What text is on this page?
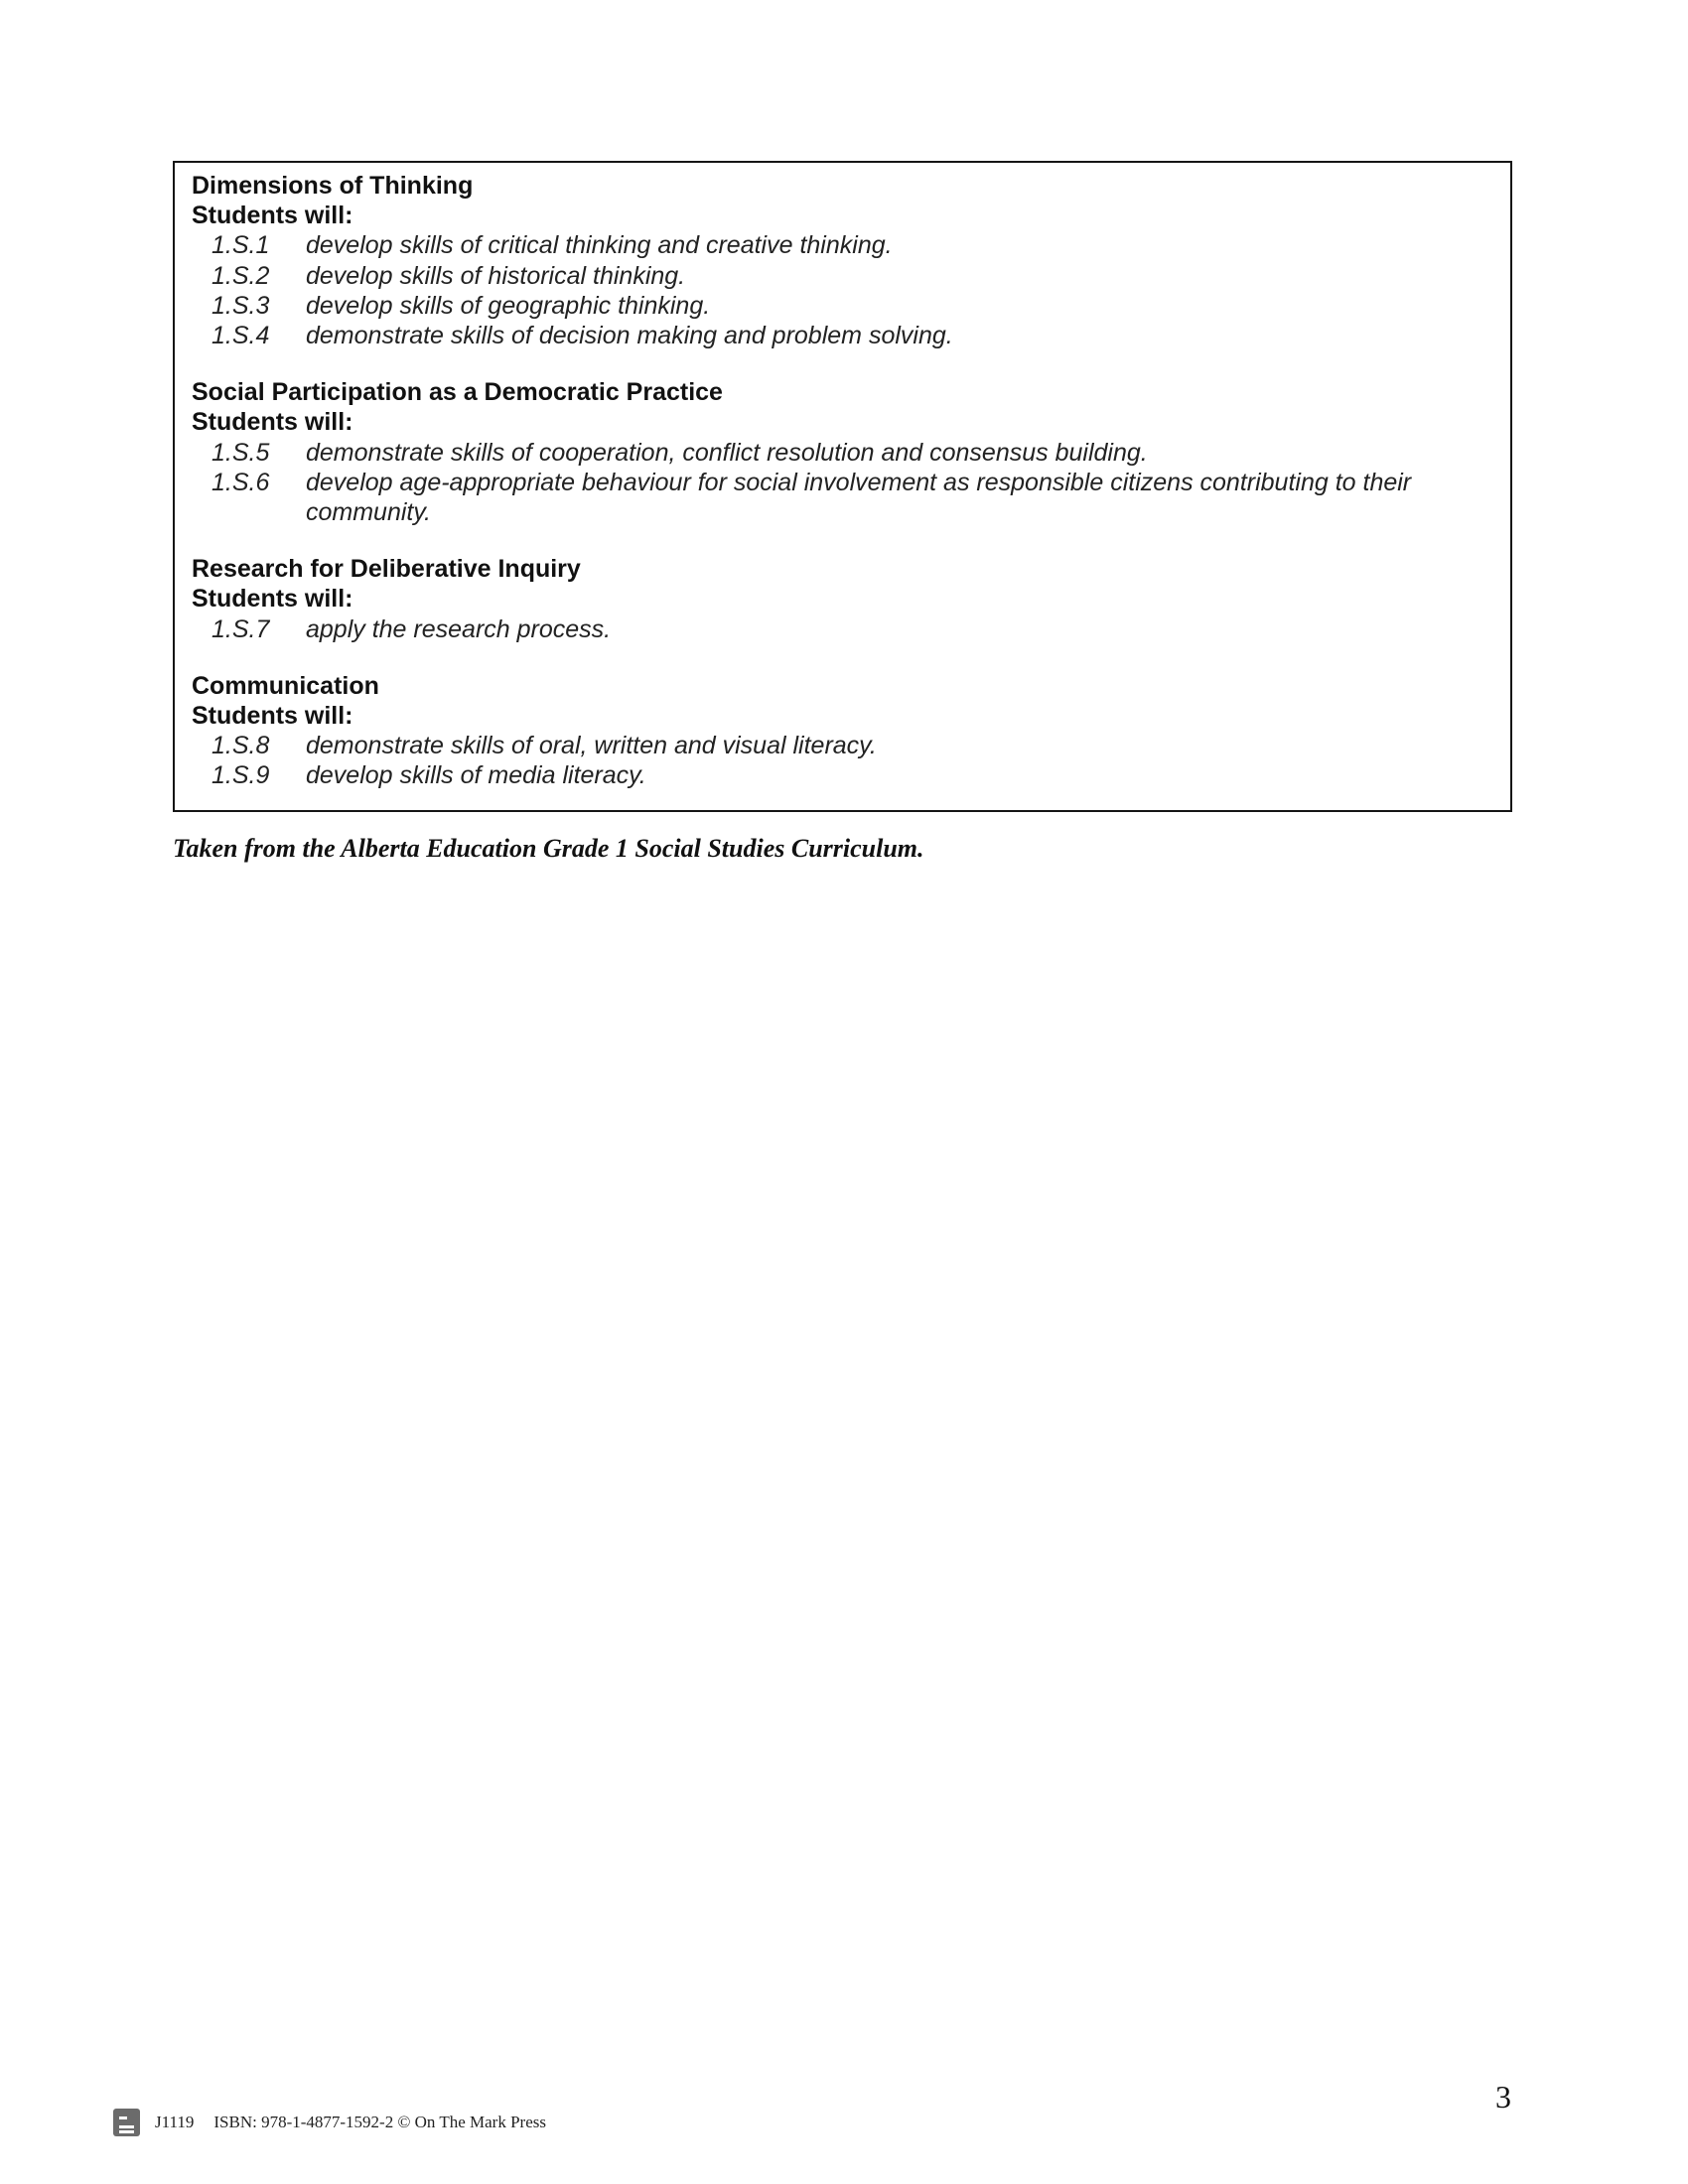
Dimensions of Thinking

Students will:

1.S.1	develop skills of critical thinking and creative thinking.
1.S.2	develop skills of historical thinking.
1.S.3	develop skills of geographic thinking.
1.S.4	demonstrate skills of decision making and problem solving.

Social Participation as a Democratic Practice

Students will:

1.S.5	demonstrate skills of cooperation, conflict resolution and consensus building.
1.S.6	develop age-appropriate behaviour for social involvement as responsible citizens contributing to their community.

Research for Deliberative Inquiry

Students will:

1.S.7	apply the research process.

Communication

Students will:

1.S.8	demonstrate skills of oral, written and visual literacy.
1.S.9	develop skills of media literacy.
Taken from the Alberta Education Grade 1 Social Studies Curriculum.
3
J1119 ISBN: 978-1-4877-1592-2 © On The Mark Press
